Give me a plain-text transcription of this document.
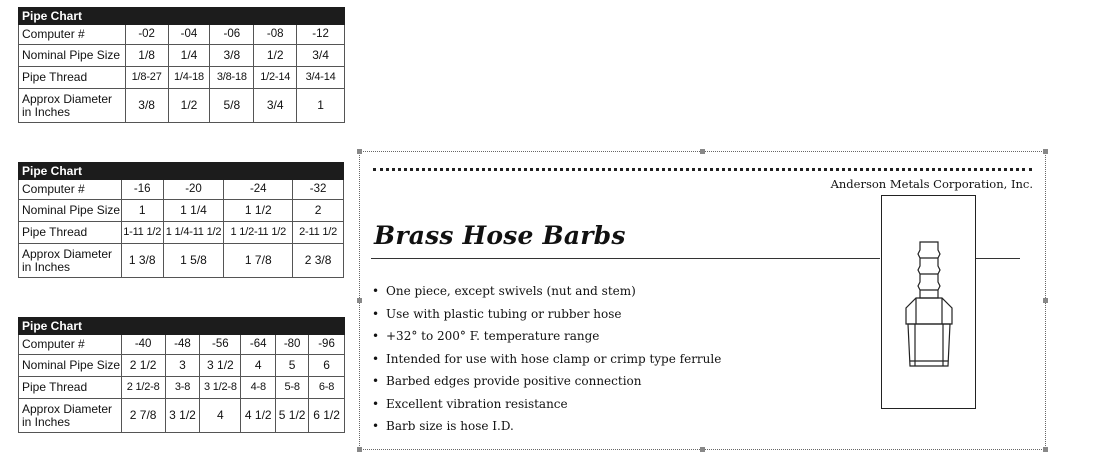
Pipe Chart					
Computer #	-02	-04	-06	-08	-12
Nominal Pipe Size	1/8	1/4	3/8	1/2	3/4
Pipe Thread	1/8-27	1/4-18	3/8-18	1/2-14	3/4-14
Approx Diameter
in Inches	3/8	1/2	5/8	3/4	1
Pipe Chart				
Computer #	-16	-20	-24	-32
Nominal Pipe Size	1	1 1/4	1 1/2	2
Pipe Thread	1-11 1/2	1 1/4-11 1/2	1 1/2-11 1/2	2-11 1/2
Approx Diameter
in Inches	1 3/8	1 5/8	1 7/8	2 3/8
Pipe Chart						
Computer #	-40	-48	-56	-64	-80	-96
Nominal Pipe Size	2 1/2	3	3 1/2	4	5	6
Pipe Thread	2 1/2-8	3-8	3 1/2-8	4-8	5-8	6-8
Approx Diameter
in Inches	2 7/8	3 1/2	4	4 1/2	5 1/2	6 1/2
Anderson Metals Corporation, Inc.
Brass Hose Barbs
• One piece, except swivels (nut and stem)
• Use with plastic tubing or rubber hose
• +32° to 200° F. temperature range
• Intended for use with hose clamp or crimp type ferrule
• Barbed edges provide positive connection
• Excellent vibration resistance
• Barb size is hose I.D.
